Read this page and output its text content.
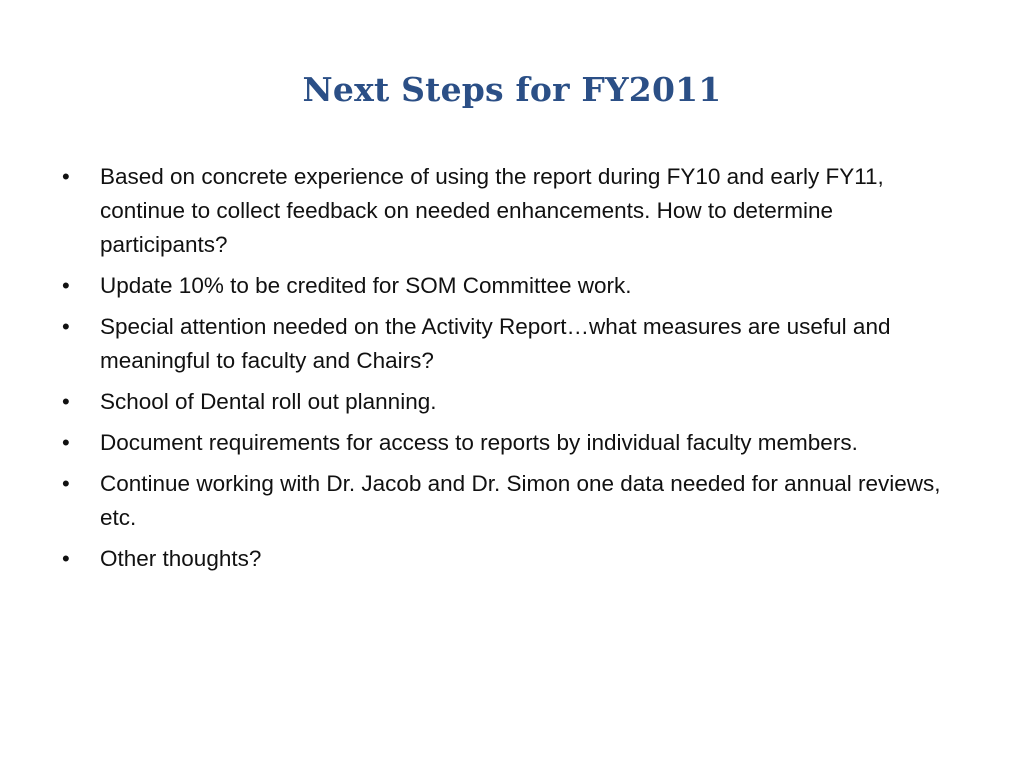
Next Steps for FY2011
• Based on concrete experience of using the report during FY10 and early FY11, continue to collect feedback on needed enhancements. How to determine participants?
• Update 10% to be credited for SOM Committee work.
• Special attention needed on the Activity Report…what measures are useful and meaningful to faculty and Chairs?
• School of Dental roll out planning.
• Document requirements for access to reports by individual faculty members.
• Continue working with Dr. Jacob and Dr. Simon one data needed for annual reviews, etc.
• Other thoughts?
